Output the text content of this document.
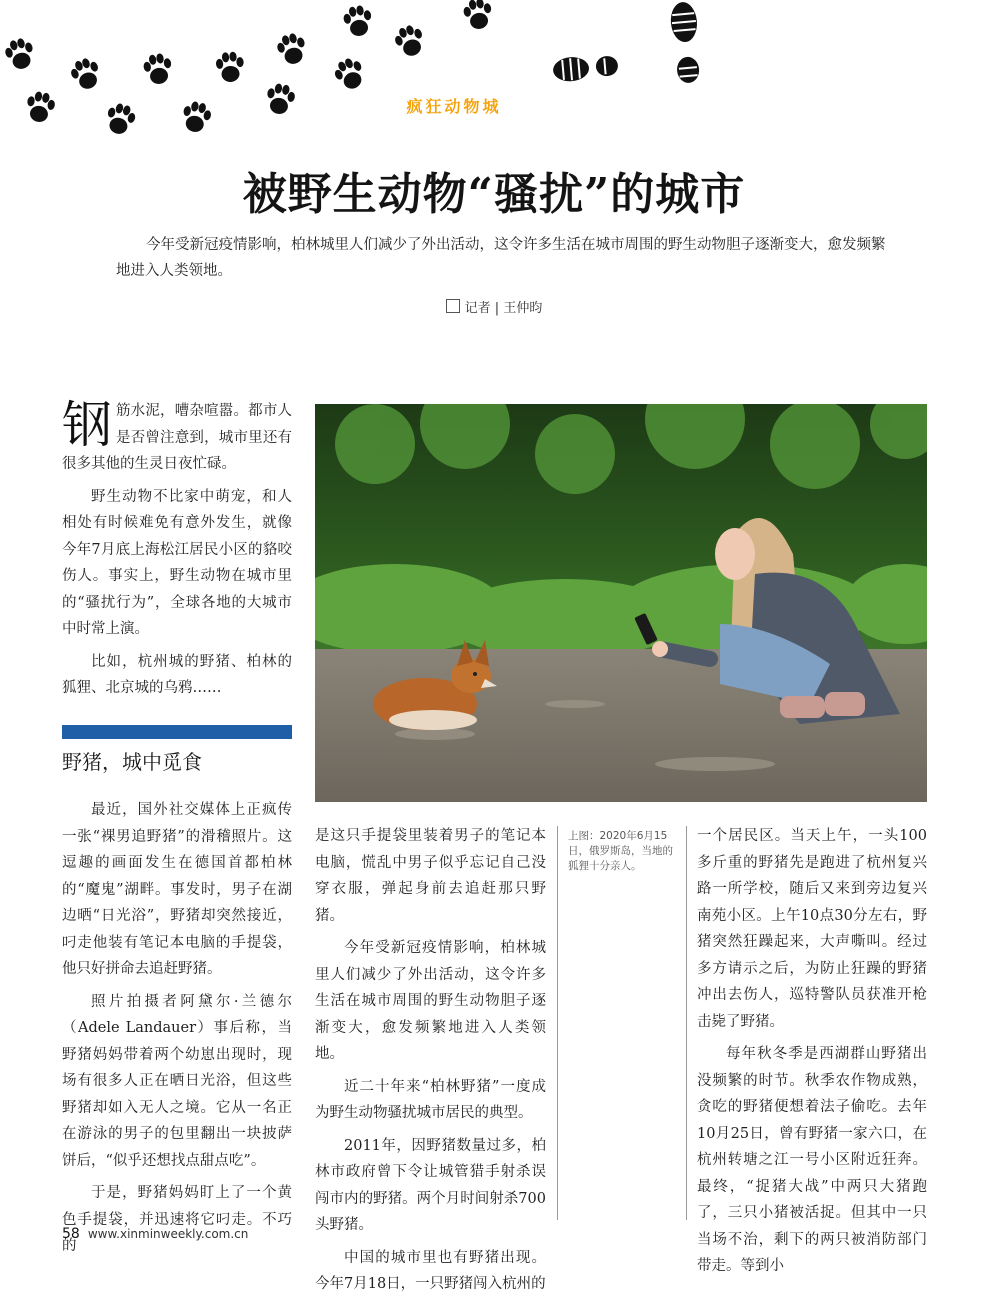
疯狂动物城
被野生动物“骚扰”的城市
今年受新冠疫情影响，柏林城里人们减少了外出活动，这令许多生活在城市周围的野生动物胆子逐渐变大，愈发频繁地进入人类领地。
记者 | 王仲昀

钢筋水泥，嘈杂喧嚣。都市人是否曾注意到，城市里还有很多其他的生灵日夜忙碌。

野生动物不比家中萌宠，和人相处有时候难免有意外发生，就像今年7月底上海松江居民小区的貉咬伤人。事实上，野生动物在城市里的“骚扰行为”，全球各地的大城市中时常上演。

比如，杭州城的野猪、柏林的狐狸、北京城的乌鸦……

野猪，城中觅食

最近，国外社交媒体上正疯传一张“裸男追野猪”的滑稽照片。这逗趣的画面发生在德国首都柏林的“魔鬼”湖畔。事发时，男子在湖边晒“日光浴”，野猪却突然接近，叼走他装有笔记本电脑的手提袋，他只好拼命去追赶野猪。

照片拍摄者阿黛尔·兰德尔（Adele Landauer）事后称，当野猪妈妈带着两个幼崽出现时，现场有很多人正在晒日光浴，但这些野猪却如入无人之境。它从一名正在游泳的男子的包里翻出一块披萨饼后，“似乎还想找点甜点吃”。

于是，野猪妈妈盯上了一个黄色手提袋，并迅速将它叼走。不巧的

是这只手提袋里装着男子的笔记本电脑，慌乱中男子似乎忘记自己没穿衣服，弹起身前去追赶那只野猪。

今年受新冠疫情影响，柏林城里人们减少了外出活动，这令许多生活在城市周围的野生动物胆子逐渐变大，愈发频繁地进入人类领地。

近二十年来“柏林野猪”一度成为野生动物骚扰城市居民的典型。

2011年，因野猪数量过多，柏林市政府曾下令让城管猎手射杀误闯市内的野猪。两个月时间射杀700头野猪。

中国的城市里也有野猪出现。今年7月18日，一只野猪闯入杭州的

上图：2020年6月15日，俄罗斯岛，当地的狐狸十分亲人。

一个居民区。当天上午，一头100多斤重的野猪先是跑进了杭州复兴路一所学校，随后又来到旁边复兴南苑小区。上午10点30分左右，野猪突然狂躁起来，大声嘶叫。经过多方请示之后，为防止狂躁的野猪冲出去伤人，巡特警队员获准开枪击毙了野猪。

每年秋冬季是西湖群山野猪出没频繁的时节。秋季农作物成熟，贪吃的野猪便想着法子偷吃。去年10月25日，曾有野猪一家六口，在杭州转塘之江一号小区附近狂奔。最终，“捉猪大战”中两只大猪跑了，三只小猪被活捉。但其中一只当场不治，剩下的两只被消防部门带走。等到小

58 www.xinminweekly.com.cn
